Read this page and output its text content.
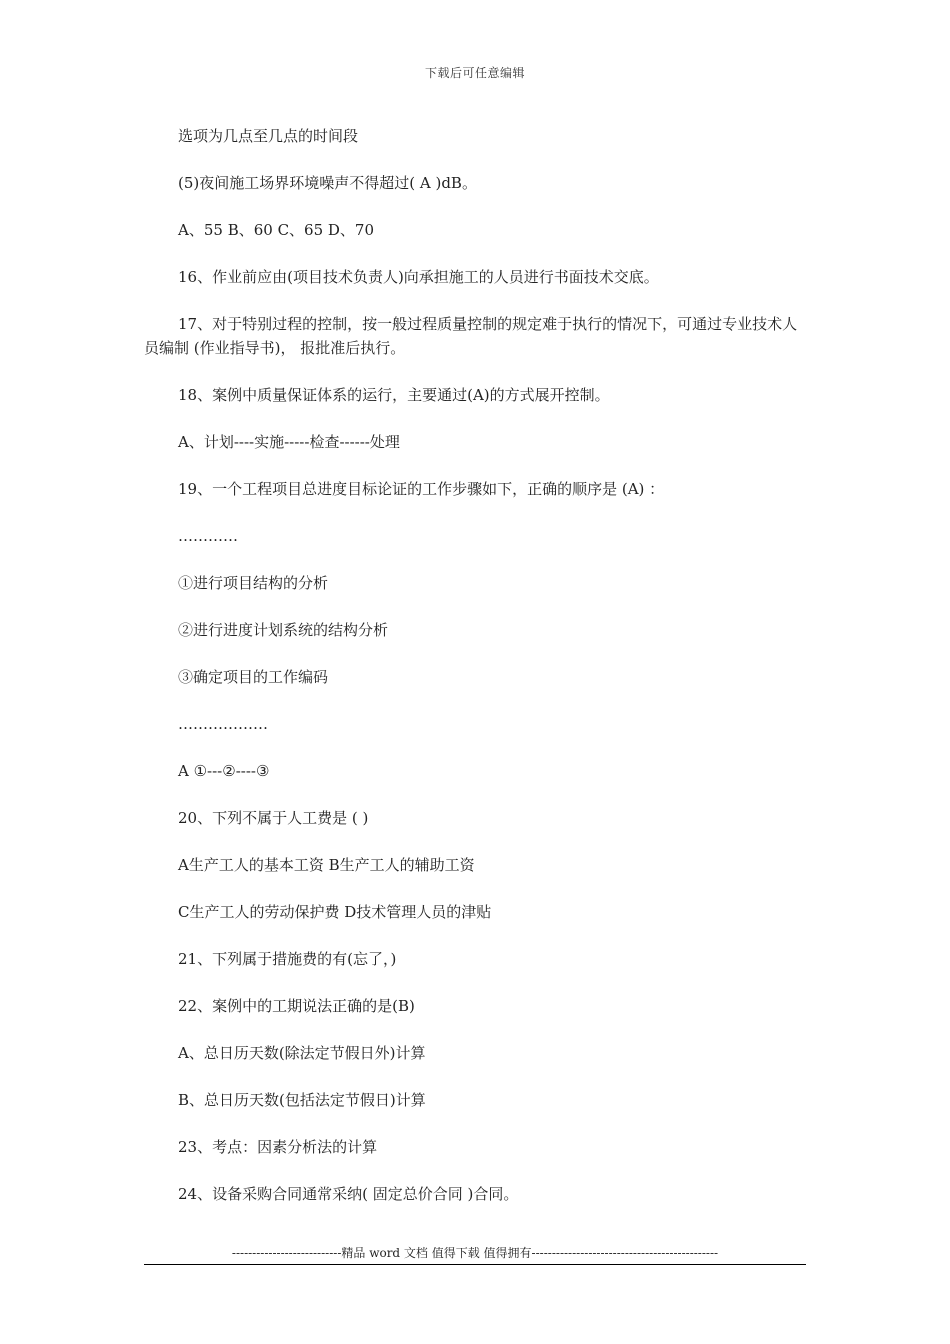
下载后可任意编辑

选项为几点至几点的时间段

(5)夜间施工场界环境噪声不得超过( A )dB。

A、55 B、60 C、65 D、70

16、作业前应由(项目技术负责人)向承担施工的人员进行书面技术交底。

17、对于特别过程的控制，按一般过程质量控制的规定难于执行的情况下，可通过专业技术人员编制 (作业指导书)， 报批准后执行。

18、案例中质量保证体系的运行，主要通过(A)的方式展开控制。

A、计划----实施-----检查------处理

19、一个工程项目总进度目标论证的工作步骤如下，正确的顺序是 (A) ：

…………

①进行项目结构的分析

②进行进度计划系统的结构分析

③确定项目的工作编码

………………

A ①---②----③

20、下列不属于人工费是 ( )

A生产工人的基本工资 B生产工人的辅助工资

C生产工人的劳动保护费 D技术管理人员的津贴

21、下列属于措施费的有(忘了，)

22、案例中的工期说法正确的是(B)

A、总日历天数(除法定节假日外)计算

B、总日历天数(包括法定节假日)计算

23、考点：因素分析法的计算

24、设备采购合同通常采纳( 固定总价合同 )合同。

---------------------------精品 word 文档 值得下载 值得拥有----------------------------------------------
